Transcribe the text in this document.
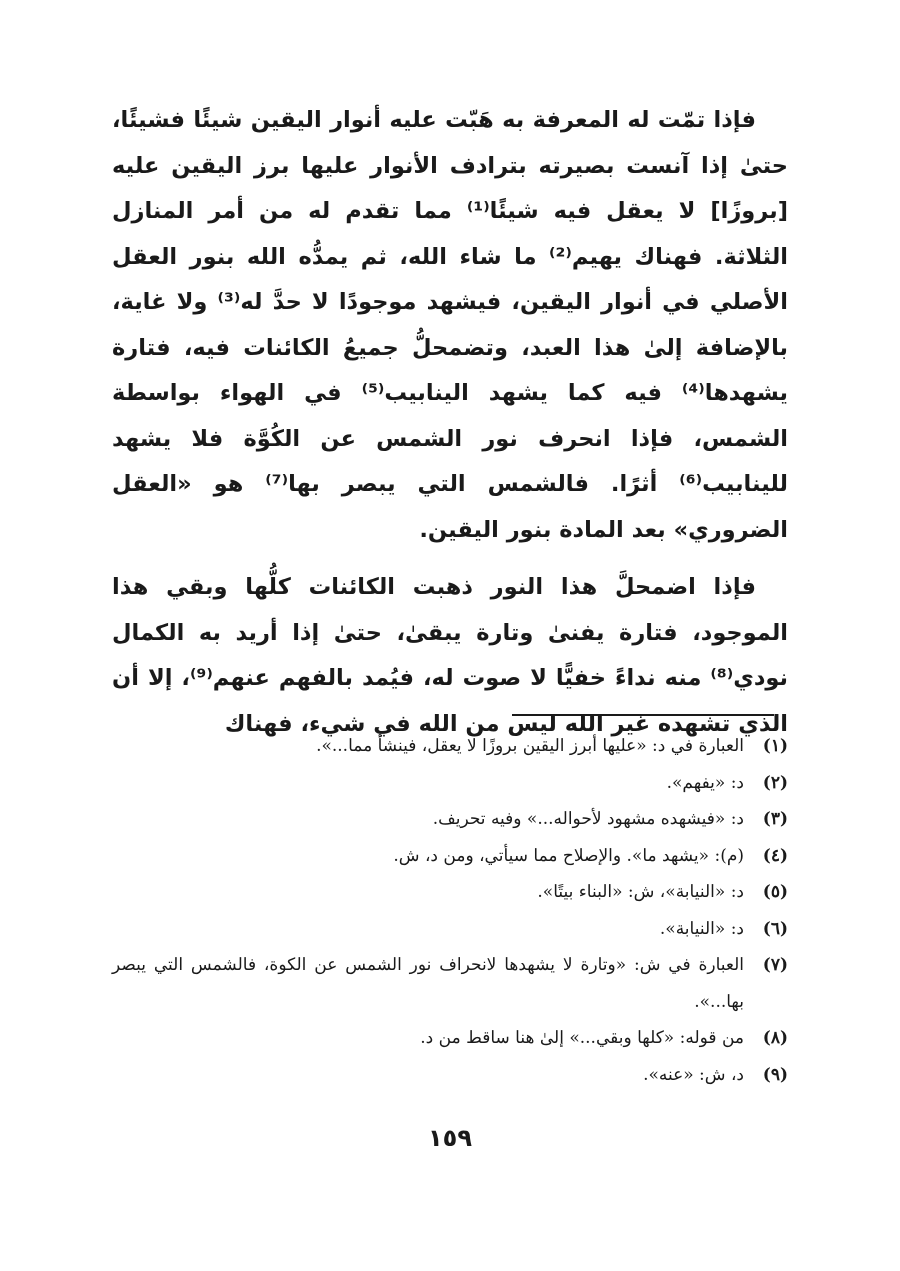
فإذا تمّت له المعرفة به هَبّت عليه أنوار اليقين شيئًا فشيئًا، حتىٰ إذا آنست بصيرته بترادف الأنوار عليها برز اليقين عليه [بروزًا] لا يعقل فيه شيئًا⁽¹⁾ مما تقدم له من أمر المنازل الثلاثة. فهناك يهيم⁽²⁾ ما شاء الله، ثم يمدُّه الله بنور العقل الأصلي في أنوار اليقين، فيشهد موجودًا لا حدَّ له⁽³⁾ ولا غاية، بالإضافة إلىٰ هذا العبد، وتضمحلُّ جميعُ الكائنات فيه، فتارة يشهدها⁽⁴⁾ فيه كما يشهد الينابيب⁽⁵⁾ في الهواء بواسطة الشمس، فإذا انحرف نور الشمس عن الكُوَّة فلا يشهد للينابيب⁽⁶⁾ أثرًا. فالشمس التي يبصر بها⁽⁷⁾ هو «العقل الضروري» بعد المادة بنور اليقين.

فإذا اضمحلَّ هذا النور ذهبت الكائنات كلُّها وبقي هذا الموجود، فتارة يفنىٰ وتارة يبقىٰ، حتىٰ إذا أريد به الكمال نودي⁽⁸⁾ منه نداءً خفيًّا لا صوت له، فيُمد بالفهم عنهم⁽⁹⁾، إلا أن الذي تشهده غير الله ليس من الله في شيء، فهناك

(١)
العبارة في د: «عليها أبرز اليقين بروزًا لا يعقل، فينشأ مما...».
(٢)
د: «يفهم».
(٣)
د: «فيشهده مشهود لأحواله...» وفيه تحريف.
(٤)
(م): «يشهد ما». والإصلاح مما سيأتي، ومن د، ش.
(٥)
د: «النيابة»، ش: «البناء بيتًا».
(٦)
د: «النيابة».
(٧)
العبارة في ش: «وتارة لا يشهدها لانحراف نور الشمس عن الكوة، فالشمس التي يبصر بها...».
(٨)
من قوله: «كلها وبقي...» إلىٰ هنا ساقط من د.
(٩)
د، ش: «عنه».
١٥٩
